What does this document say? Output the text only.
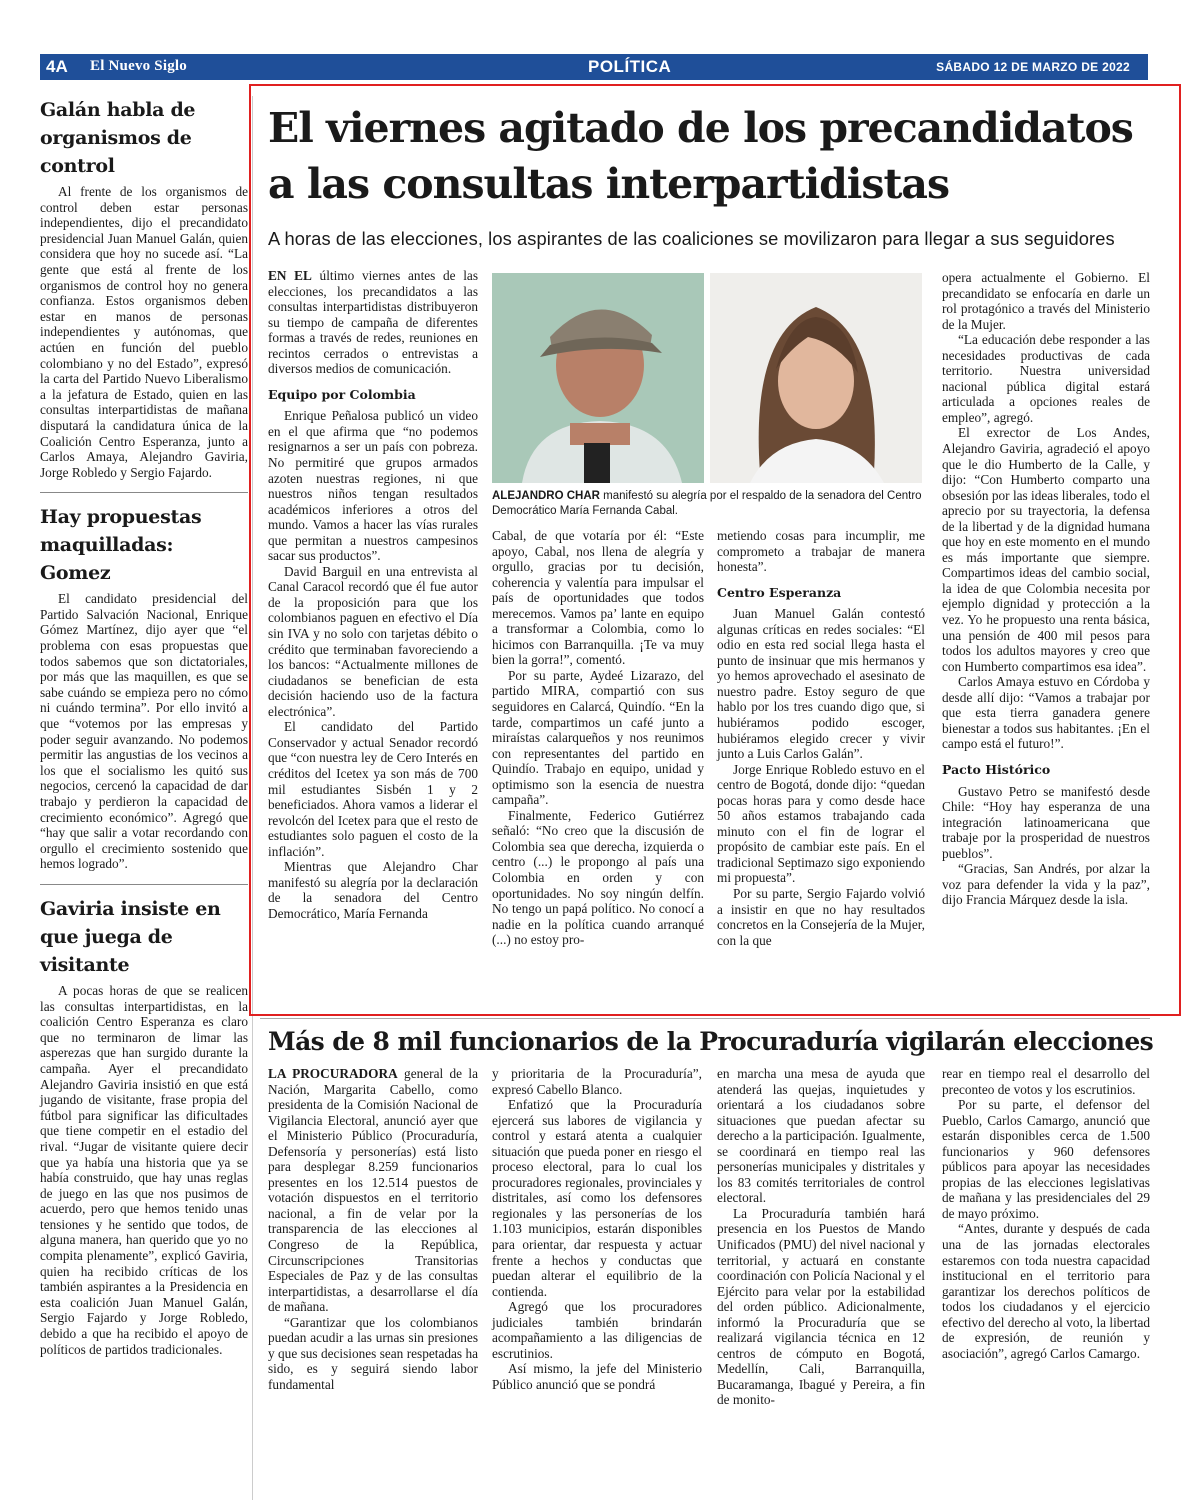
4A El Nuevo Siglo	POLÍTICA	SÁBADO 12 DE MARZO DE 2022
Galán habla de organismos de control

Al frente de los organismos de control deben estar personas independientes, dijo el precandidato presidencial Juan Manuel Galán, quien considera que hoy no sucede así. “La gente que está al frente de los organismos de control hoy no genera confianza. Estos organismos deben estar en manos de personas independientes y autónomas, que actúen en función del pueblo colombiano y no del Estado”, expresó la carta del Partido Nuevo Liberalismo a la jefatura de Estado, quien en las consultas interpartidistas de mañana disputará la candidatura única de la Coalición Centro Esperanza, junto a Carlos Amaya, Alejandro Gaviria, Jorge Robledo y Sergio Fajardo.

Hay propuestas maquilladas: Gomez

El candidato presidencial del Partido Salvación Nacional, Enrique Gómez Martínez, dijo ayer que “el problema con esas propuestas que todos sabemos que son dictatoriales, por más que las maquillen, es que se sabe cuándo se empieza pero no cómo ni cuándo termina”. Por ello invitó a que “votemos por las empresas y poder seguir avanzando. No podemos permitir las angustias de los vecinos a los que el socialismo les quitó sus negocios, cercenó la capacidad de dar trabajo y perdieron la capacidad de crecimiento económico”. Agregó que “hay que salir a votar recordando con orgullo el crecimiento sostenido que hemos logrado”.

Gaviria insiste en que juega de visitante

A pocas horas de que se realicen las consultas interpartidistas, en la coalición Centro Esperanza es claro que no terminaron de limar las asperezas que han surgido durante la campaña. Ayer el precandidato Alejandro Gaviria insistió en que está jugando de visitante, frase propia del fútbol para significar las dificultades que tiene competir en el estadio del rival. “Jugar de visitante quiere decir que ya había una historia que ya se había construido, que hay unas reglas de juego en las que nos pusimos de acuerdo, pero que hemos tenido unas tensiones y he sentido que todos, de alguna manera, han querido que yo no compita plenamente”, explicó Gaviria, quien ha recibido críticas de los también aspirantes a la Presidencia en esta coalición Juan Manuel Galán, Sergio Fajardo y Jorge Robledo, debido a que ha recibido el apoyo de políticos de partidos tradicionales.

El viernes agitado de los precandidatos a las consultas interpartidistas

A horas de las elecciones, los aspirantes de las coaliciones se movilizaron para llegar a sus seguidores

EN EL último viernes antes de las elecciones, los precandidatos a las consultas interpartidistas distribuyeron su tiempo de campaña de diferentes formas a través de redes, reuniones en recintos cerrados o entrevistas a diversos medios de comunicación.

Equipo por Colombia

Enrique Peñalosa publicó un video en el que afirma que “no podemos resignarnos a ser un país con pobreza. No permitiré que grupos armados azoten nuestras regiones, ni que nuestros niños tengan resultados académicos inferiores a otros del mundo. Vamos a hacer las vías rurales que permitan a nuestros campesinos sacar sus productos”.

David Barguil en una entrevista al Canal Caracol recordó que él fue autor de la proposición para que los colombianos paguen en efectivo el Día sin IVA y no solo con tarjetas débito o crédito que terminaban favoreciendo a los bancos: “Actualmente millones de ciudadanos se benefician de esta decisión haciendo uso de la factura electrónica”.

El candidato del Partido Conservador y actual Senador recordó que “con nuestra ley de Cero Interés en créditos del Icetex ya son más de 700 mil estudiantes Sisbén 1 y 2 beneficiados. Ahora vamos a liderar el revolcón del Icetex para que el resto de estudiantes solo paguen el costo de la inflación”.

Mientras que Alejandro Char manifestó su alegría por la declaración de la senadora del Centro Democrático, María Fernanda

ALEJANDRO CHAR manifestó su alegría por el respaldo de la senadora del Centro Democrático María Fernanda Cabal.

Cabal, de que votaría por él: “Este apoyo, Cabal, nos llena de alegría y orgullo, gracias por tu decisión, coherencia y valentía para impulsar el país de oportunidades que todos merecemos. Vamos pa’ lante en equipo a transformar a Colombia, como lo hicimos con Barranquilla. ¡Te va muy bien la gorra!”, comentó.

Por su parte, Aydeé Lizarazo, del partido MIRA, compartió con sus seguidores en Calarcá, Quindío. “En la tarde, compartimos un café junto a miraístas calarqueños y nos reunimos con representantes del partido en Quindío. Trabajo en equipo, unidad y optimismo son la esencia de nuestra campaña”.

Finalmente, Federico Gutiérrez señaló: “No creo que la discusión de Colombia sea que derecha, izquierda o centro (...) le propongo al país una Colombia en orden y con oportunidades. No soy ningún delfín. No tengo un papá político. No conocí a nadie en la política cuando arranqué (...) no estoy pro-

metiendo cosas para incumplir, me comprometo a trabajar de manera honesta”.

Centro Esperanza

Juan Manuel Galán contestó algunas críticas en redes sociales: “El odio en esta red social llega hasta el punto de insinuar que mis hermanos y yo hemos aprovechado el asesinato de nuestro padre. Estoy seguro de que hablo por los tres cuando digo que, si hubiéramos podido escoger, hubiéramos elegido crecer y vivir junto a Luis Carlos Galán”.

Jorge Enrique Robledo estuvo en el centro de Bogotá, donde dijo: “quedan pocas horas para y como desde hace 50 años estamos trabajando cada minuto con el fin de lograr el propósito de cambiar este país. En el tradicional Septimazo sigo exponiendo mi propuesta”.

Por su parte, Sergio Fajardo volvió a insistir en que no hay resultados concretos en la Consejería de la Mujer, con la que

opera actualmente el Gobierno. El precandidato se enfocaría en darle un rol protagónico a través del Ministerio de la Mujer.

“La educación debe responder a las necesidades productivas de cada territorio. Nuestra universidad nacional pública digital estará articulada a opciones reales de empleo”, agregó.

El exrector de Los Andes, Alejandro Gaviria, agradeció el apoyo que le dio Humberto de la Calle, y dijo: “Con Humberto comparto una obsesión por las ideas liberales, todo el aprecio por su trayectoria, la defensa de la libertad y de la dignidad humana que hoy en este momento en el mundo es más importante que siempre. Compartimos ideas del cambio social, la idea de que Colombia necesita por ejemplo dignidad y protección a la vez. Yo he propuesto una renta básica, una pensión de 400 mil pesos para todos los adultos mayores y creo que con Humberto compartimos esa idea”.

Carlos Amaya estuvo en Córdoba y desde allí dijo: “Vamos a trabajar por que esta tierra ganadera genere bienestar a todos sus habitantes. ¡En el campo está el futuro!”.

Pacto Histórico

Gustavo Petro se manifestó desde Chile: “Hoy hay esperanza de una integración latinoamericana que trabaje por la prosperidad de nuestros pueblos”.

“Gracias, San Andrés, por alzar la voz para defender la vida y la paz”, dijo Francia Márquez desde la isla.

Más de 8 mil funcionarios de la Procuraduría vigilarán elecciones

LA PROCURADORA general de la Nación, Margarita Cabello, como presidenta de la Comisión Nacional de Vigilancia Electoral, anunció ayer que el Ministerio Público (Procuraduría, Defensoría y personerías) está listo para desplegar 8.259 funcionarios presentes en los 12.514 puestos de votación dispuestos en el territorio nacional, a fin de velar por la transparencia de las elecciones al Congreso de la República, Circunscripciones Transitorias Especiales de Paz y de las consultas interpartidistas, a desarrollarse el día de mañana.

“Garantizar que los colombianos puedan acudir a las urnas sin presiones y que sus decisiones sean respetadas ha sido, es y seguirá siendo labor fundamental

y prioritaria de la Procuraduría”, expresó Cabello Blanco.

Enfatizó que la Procuraduría ejercerá sus labores de vigilancia y control y estará atenta a cualquier situación que pueda poner en riesgo el proceso electoral, para lo cual los procuradores regionales, provinciales y distritales, así como los defensores regionales y las personerías de los 1.103 municipios, estarán disponibles para orientar, dar respuesta y actuar frente a hechos y conductas que puedan alterar el equilibrio de la contienda.

Agregó que los procuradores judiciales también brindarán acompañamiento a las diligencias de escrutinios.

Así mismo, la jefe del Ministerio Público anunció que se pondrá

en marcha una mesa de ayuda que atenderá las quejas, inquietudes y orientará a los ciudadanos sobre situaciones que puedan afectar su derecho a la participación. Igualmente, se coordinará en tiempo real las personerías municipales y distritales y los 83 comités territoriales de control electoral.

La Procuraduría también hará presencia en los Puestos de Mando Unificados (PMU) del nivel nacional y territorial, y actuará en constante coordinación con Policía Nacional y el Ejército para velar por la estabilidad del orden público. Adicionalmente, informó la Procuraduría que se realizará vigilancia técnica en 12 centros de cómputo en Bogotá, Medellín, Cali, Barranquilla, Bucaramanga, Ibagué y Pereira, a fin de monito-

rear en tiempo real el desarrollo del preconteo de votos y los escrutinios.

Por su parte, el defensor del Pueblo, Carlos Camargo, anunció que estarán disponibles cerca de 1.500 funcionarios y 960 defensores públicos para apoyar las necesidades propias de las elecciones legislativas de mañana y las presidenciales del 29 de mayo próximo.

“Antes, durante y después de cada una de las jornadas electorales estaremos con toda nuestra capacidad institucional en el territorio para garantizar los derechos políticos de todos los ciudadanos y el ejercicio efectivo del derecho al voto, la libertad de expresión, de reunión y asociación”, agregó Carlos Camargo.
